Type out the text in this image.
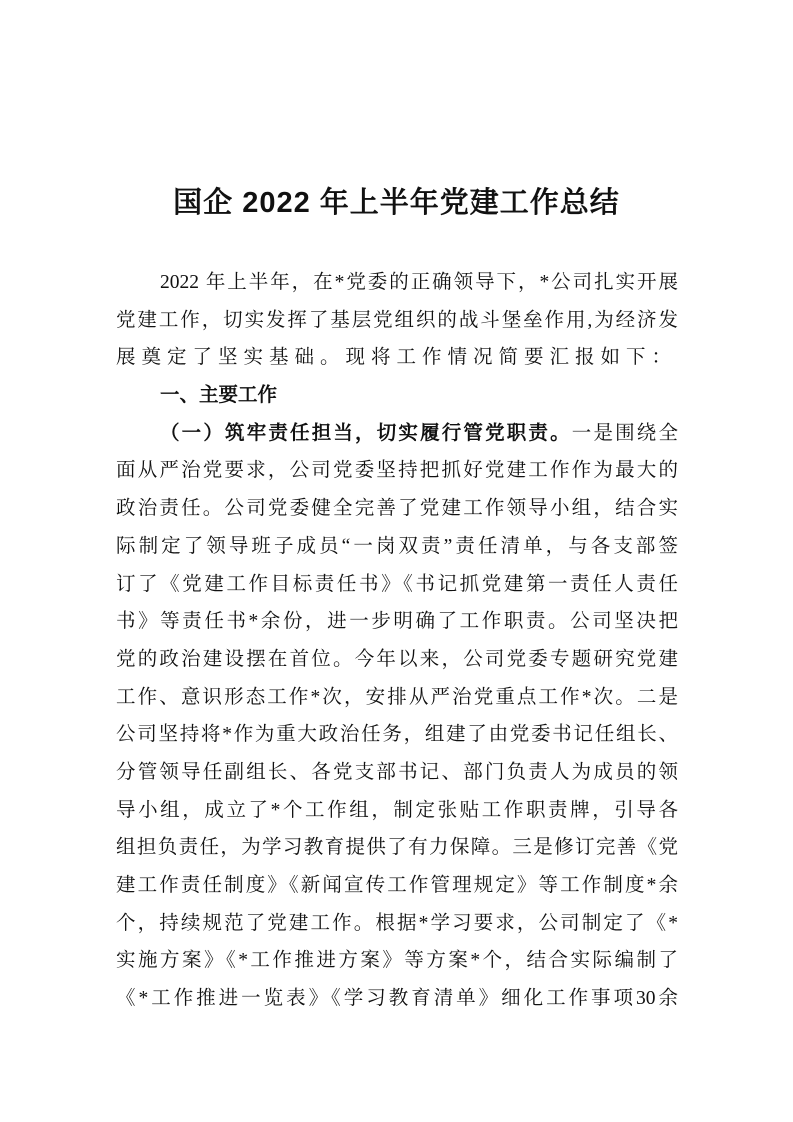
国企 2022 年上半年党建工作总结
2022 年上半年，在*党委的正确领导下，*公司扎实开展
党建工作，切实发挥了基层党组织的战斗堡垒作用,为经济发
展奠定了坚实基础。现将工作情况简要汇报如下：
一、主要工作
（一）筑牢责任担当，切实履行管党职责。一是围绕全
面从严治党要求，公司党委坚持把抓好党建工作作为最大的
政治责任。公司党委健全完善了党建工作领导小组，结合实
际制定了领导班子成员“一岗双责”责任清单，与各支部签
订了《党建工作目标责任书》《书记抓党建第一责任人责任
书》等责任书*余份，进一步明确了工作职责。公司坚决把
党的政治建设摆在首位。今年以来，公司党委专题研究党建
工作、意识形态工作*次，安排从严治党重点工作*次。二是
公司坚持将*作为重大政治任务，组建了由党委书记任组长、
分管领导任副组长、各党支部书记、部门负责人为成员的领
导小组，成立了*个工作组，制定张贴工作职责牌，引导各
组担负责任，为学习教育提供了有力保障。三是修订完善《党
建工作责任制度》《新闻宣传工作管理规定》等工作制度*余
个，持续规范了党建工作。根据*学习要求，公司制定了《*
实施方案》《*工作推进方案》等方案*个，结合实际编制了
《*工作推进一览表》《学习教育清单》细化工作事项30余
